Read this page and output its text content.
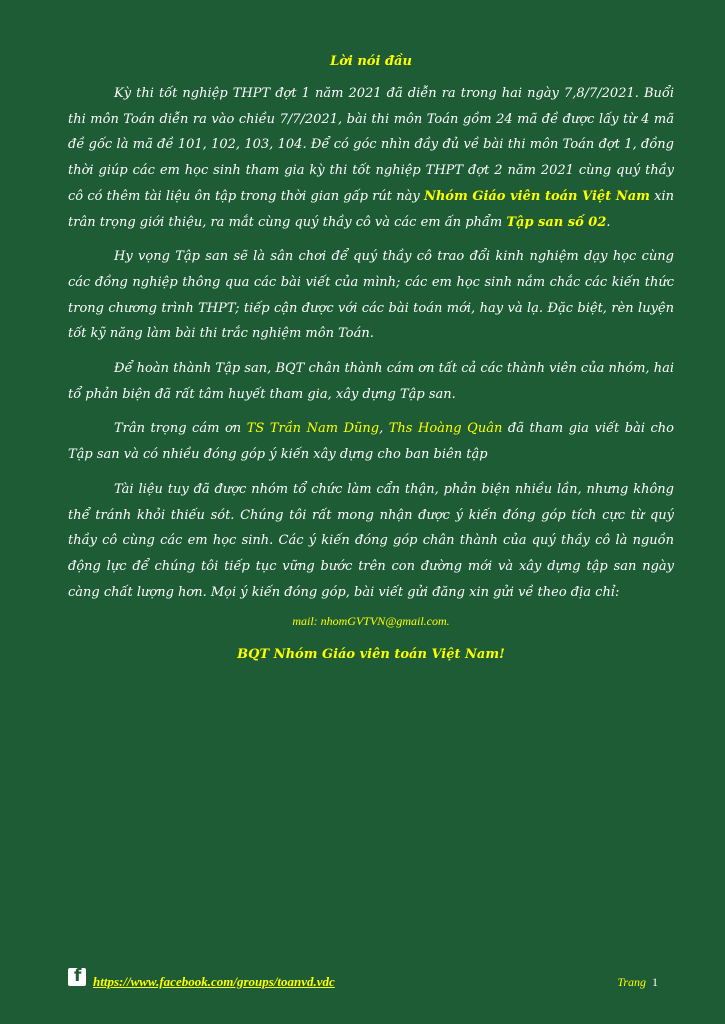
Lời nói đầu

Kỳ thi tốt nghiệp THPT đợt 1 năm 2021 đã diễn ra trong hai ngày 7,8/7/2021. Buổi thi môn Toán diễn ra vào chiều 7/7/2021, bài thi môn Toán gồm 24 mã đề được lấy từ 4 mã đề gốc là mã đề 101, 102, 103, 104. Để có góc nhìn đầy đủ về bài thi môn Toán đợt 1, đồng thời giúp các em học sinh tham gia kỳ thi tốt nghiệp THPT đợt 2 năm 2021 cùng quý thầy cô có thêm tài liệu ôn tập trong thời gian gấp rút này Nhóm Giáo viên toán Việt Nam xin trân trọng giới thiệu, ra mắt cùng quý thầy cô và các em ấn phẩm Tập san số 02.

Hy vọng Tập san sẽ là sân chơi để quý thầy cô trao đổi kinh nghiệm dạy học cùng các đồng nghiệp thông qua các bài viết của mình; các em học sinh nắm chắc các kiến thức trong chương trình THPT; tiếp cận được với các bài toán mới, hay và lạ. Đặc biệt, rèn luyện tốt kỹ năng làm bài thi trắc nghiệm môn Toán.

Để hoàn thành Tập san, BQT chân thành cám ơn tất cả các thành viên của nhóm, hai tổ phản biện đã rất tâm huyết tham gia, xây dựng Tập san.

Trân trọng cám ơn TS Trần Nam Dũng, Ths Hoàng Quân đã tham gia viết bài cho Tập san và có nhiều đóng góp ý kiến xây dựng cho ban biên tập

Tài liệu tuy đã được nhóm tổ chức làm cẩn thận, phản biện nhiều lần, nhưng không thể tránh khỏi thiếu sót. Chúng tôi rất mong nhận được ý kiến đóng góp tích cực từ quý thầy cô cùng các em học sinh. Các ý kiến đóng góp chân thành của quý thầy cô là nguồn động lực để chúng tôi tiếp tục vững bước trên con đường mới và xây dựng tập san ngày càng chất lượng hơn. Mọi ý kiến đóng góp, bài viết gửi đăng xin gửi về theo địa chỉ:

mail: nhomGVTVN@gmail.com.

BQT Nhóm Giáo viên toán Việt Nam!

f https://www.facebook.com/groups/toanvd.vdc	Trang 1
